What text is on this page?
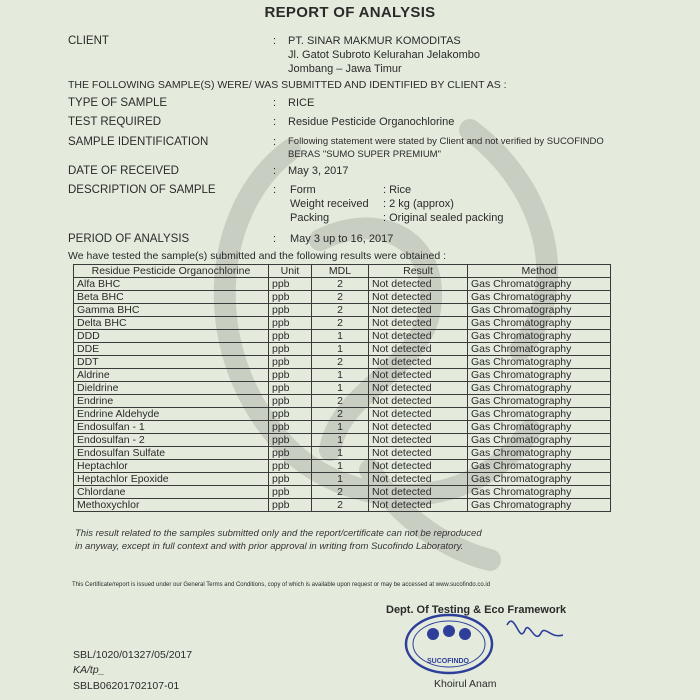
REPORT OF ANALYSIS
CLIENT	: PT. SINAR MAKMUR KOMODITAS
Jl. Gatot Subroto Kelurahan Jelakombo
Jombang – Jawa Timur
THE FOLLOWING SAMPLE(S) WERE/ WAS SUBMITTED AND IDENTIFIED BY CLIENT AS :
TYPE OF SAMPLE	: RICE
TEST REQUIRED	: Residue Pesticide Organochlorine
SAMPLE IDENTIFICATION	: Following statement were stated by Client and not verified by SUCOFINDO
BERAS "SUMO SUPER PREMIUM"
DATE OF RECEIVED	: May 3, 2017
DESCRIPTION OF SAMPLE	: Form	: Rice
Weight received : 2 kg (approx)
Packing	: Original sealed packing
PERIOD OF ANALYSIS	: May 3 up to 16, 2017
We have tested the sample(s) submitted and the following results were obtained :
Residue Pesticide Organochlorine	Unit	MDL	Result	Method
Alfa BHC	ppb	2	Not detected	Gas Chromatography
Beta BHC	ppb	2	Not detected	Gas Chromatography
Gamma BHC	ppb	2	Not detected	Gas Chromatography
Delta BHC	ppb	2	Not detected	Gas Chromatography
DDD	ppb	1	Not detected	Gas Chromatography
DDE	ppb	1	Not detected	Gas Chromatography
DDT	ppb	2	Not detected	Gas Chromatography
Aldrine	ppb	1	Not detected	Gas Chromatography
Dieldrine	ppb	1	Not detected	Gas Chromatography
Endrine	ppb	2	Not detected	Gas Chromatography
Endrine Aldehyde	ppb	2	Not detected	Gas Chromatography
Endosulfan - 1	ppb	1	Not detected	Gas Chromatography
Endosulfan - 2	ppb	1	Not detected	Gas Chromatography
Endosulfan Sulfate	ppb	1	Not detected	Gas Chromatography
Heptachlor	ppb	1	Not detected	Gas Chromatography
Heptachlor Epoxide	ppb	1	Not detected	Gas Chromatography
Chlordane	ppb	2	Not detected	Gas Chromatography
Methoxychlor	ppb	2	Not detected	Gas Chromatography
This result related to the samples submitted only and the report/certificate can not be reproduced
in anyway, except in full context and with prior approval in writing from Sucofindo Laboratory.
This Certificate/report is issued under our General Terms and Conditions, copy of which is available upon request or may be accessed at www.sucofindo.co.id
Dept. Of Testing & Eco Framework
SUCOFINDO
Khoirul Anam
SBL/1020/01327/05/2017
KA/tp_
SBLB06201702107-01
